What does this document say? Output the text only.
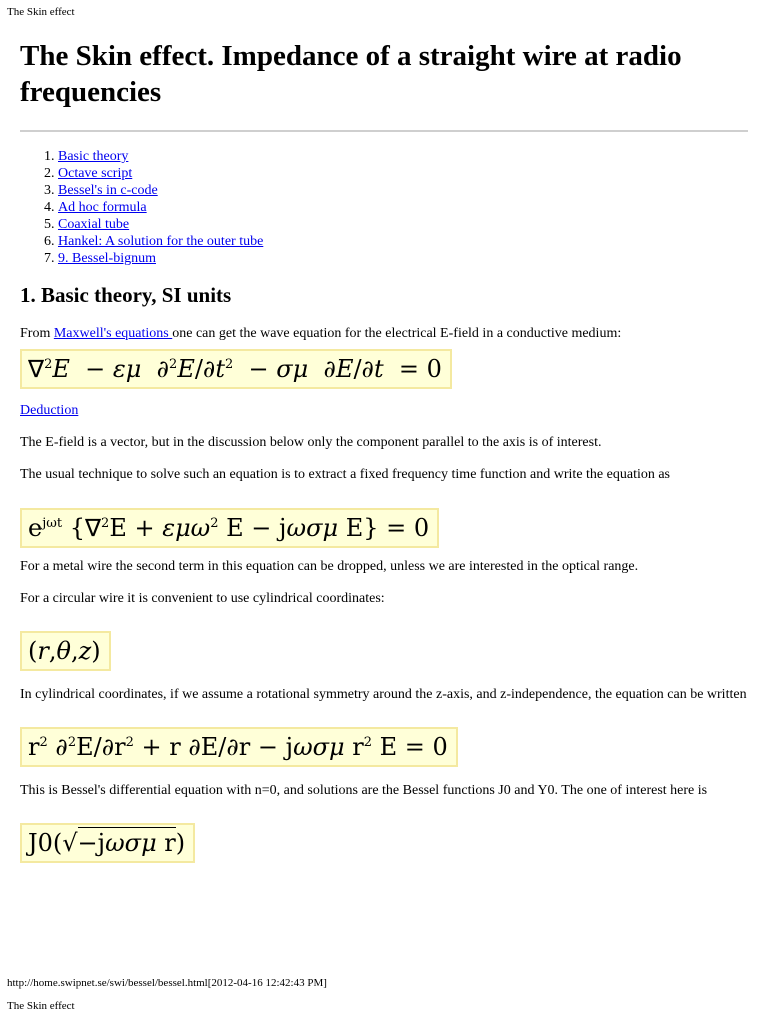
The Skin effect
The Skin effect. Impedance of a straight wire at radio frequencies
1. Basic theory
2. Octave script
3. Bessel's in c-code
4. Ad hoc formula
5. Coaxial tube
6. Hankel: A solution for the outer tube
7. 9. Bessel-bignum
1. Basic theory, SI units

From Maxwell's equations one can get the wave equation for the electrical E-field in a conductive medium:

∇$^2$E  − εμ  $\partial^2E/\partial t^2 - \sigma\mu$  ∂E/∂t  = 0

Deduction

The E-field is a vector, but in the discussion below only the component parallel to the axis is of interest.

The usual technique to solve such an equation is to extract a fixed frequency time function and write the equation as

$e^{j\omega t}$ {∇$^2$E + εμω$^2$ E − jωσμ E} = 0

For a metal wire the second term in this equation can be dropped, unless we are interested in the optical range.

For a circular wire it is convenient to use cylindrical coordinates:

(r,θ,z)

In cylindrical coordinates, if we assume a rotational symmetry around the z-axis, and z-independence, the equation can be written

$r^2$ $\partial^2E/\partial r^2 + r$ ∂E/∂r − jωσμ $r^2$ E = 0

This is Bessel's differential equation with n=0, and solutions are the Bessel functions J0 and Y0. The one of interest here is

J0(√−jωσμ r)
http://home.swipnet.se/swi/bessel/bessel.html[2012-04-16 12:42:43 PM]
The Skin effect
